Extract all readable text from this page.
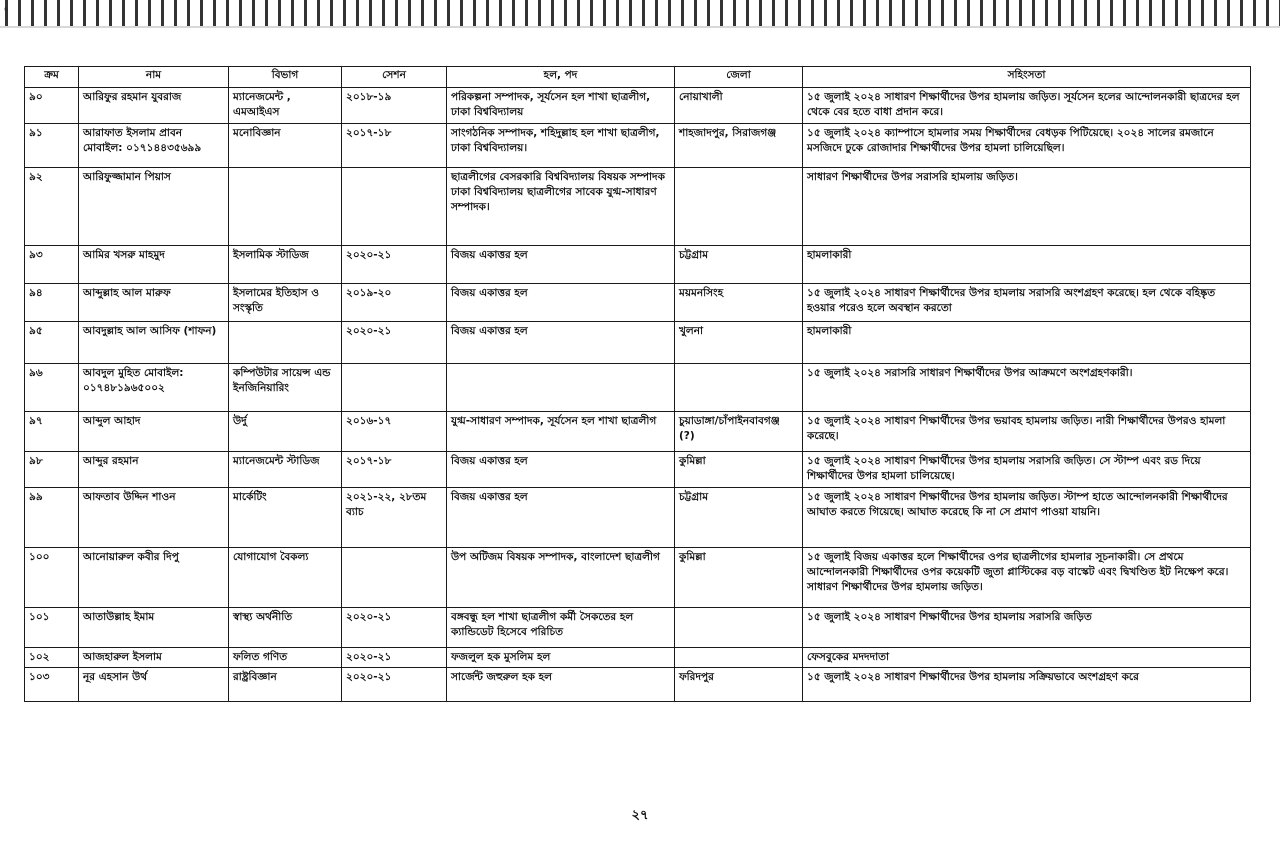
ক্রম	নাম	বিভাগ	সেশন	হল, পদ	জেলা	সহিংসতা
৯০	আরিফুর রহমান যুবরাজ	ম্যানেজমেন্ট , এমআইএস	২০১৮-১৯	পরিকল্পনা সম্পাদক, সূর্যসেন হল শাখা ছাত্রলীগ, ঢাকা বিশ্ববিদ্যালয়	নোয়াখালী	১৫ জুলাই ২০২৪ সাধারণ শিক্ষার্থীদের উপর হামলায় জড়িত। সূর্যসেন হলের আন্দোলনকারী ছাত্রদের হল থেকে বের হতে বাধা প্রদান করে।
৯১	আরাফাত ইসলাম প্রাবন মোবাইল: ০১৭১৪৪৩৫৬৯৯	মনোবিজ্ঞান	২০১৭-১৮	সাংগঠনিক সম্পাদক, শহিদুল্লাহ হল শাখা ছাত্রলীগ, ঢাকা বিশ্ববিদ্যালয়।	শাহজাদপুর, সিরাজগঞ্জ	১৫ জুলাই ২০২৪ ক্যাম্পাসে হামলার সময় শিক্ষার্থীদের বেধড়ক পিটিয়েছে। ২০২৪ সালের রমজানে মসজিদে ঢুকে রোজাদার শিক্ষার্থীদের উপর হামলা চালিয়েছিল।
৯২	আরিফুজ্জামান পিয়াস			ছাত্রলীগের বেসরকারি বিশ্ববিদ্যালয় বিষয়ক সম্পাদক ঢাকা বিশ্ববিদ্যালয় ছাত্রলীগের সাবেক যুগ্ম-সাধারণ সম্পাদক।		সাধারণ শিক্ষার্থীদের উপর সরাসরি হামলায় জড়িত।
৯৩	আমির খসরু মাহমুদ	ইসলামিক স্টাডিজ	২০২০-২১	বিজয় একাত্তর হল	চট্টগ্রাম	হামলাকারী
৯৪	আব্দুল্লাহ আল মারুফ	ইসলামের ইতিহাস ও সংস্কৃতি	২০১৯-২০	বিজয় একাত্তর হল	ময়মনসিংহ	১৫ জুলাই ২০২৪ সাধারণ শিক্ষার্থীদের উপর হামলায় সরাসরি অংশগ্রহণ করেছে। হল থেকে বহিষ্কৃত হওয়ার পরেও হলে অবস্থান করতো
৯৫	আবদুল্লাহ আল আসিফ (শাফন)		২০২০-২১	বিজয় একাত্তর হল	খুলনা	হামলাকারী
৯৬	আবদুল মুহিত মোবাইল: ০১৭৪৮১৯৬৫০০২	কম্পিউটার সায়েন্স এন্ড ইনজিনিয়ারিং				১৫ জুলাই ২০২৪ সরাসরি সাধারণ শিক্ষার্থীদের উপর আক্রমণে অংশগ্রহণকারী।
৯৭	আব্দুল আহাদ	উর্দু	২০১৬-১৭	যুগ্ম-সাধারণ সম্পাদক, সূর্যসেন হল শাখা ছাত্রলীগ	চুয়াডাঙ্গা/চাঁপাইনবাবগঞ্জ (?)	১৫ জুলাই ২০২৪ সাধারণ শিক্ষার্থীদের উপর ভয়াবহ হামলায় জড়িত। নারী শিক্ষার্থীদের উপরও হামলা করেছে।
৯৮	আব্দুর রহমান	ম্যানেজমেন্ট স্টাডিজ	২০১৭-১৮	বিজয় একাত্তর হল	কুমিল্লা	১৫ জুলাই ২০২৪ সাধারণ শিক্ষার্থীদের উপর হামলায় সরাসরি জড়িত। সে স্টাম্প এবং রড দিয়ে শিক্ষার্থীদের উপর হামলা চালিয়েছে।
৯৯	আফতাব উদ্দিন শাওন	মার্কেটিং	২০২১-২২, ২৮তম ব্যাচ	বিজয় একাত্তর হল	চট্টগ্রাম	১৫ জুলাই ২০২৪ সাধারণ শিক্ষার্থীদের উপর হামলায় জড়িত। স্টাম্প হাতে আন্দোলনকারী শিক্ষার্থীদের আঘাত করতে গিয়েছে। আঘাত করেছে কি না সে প্রমাণ পাওয়া যায়নি।
১০০	আনোয়ারুল কবীর দিপু	যোগাযোগ বৈকল্য		উপ অটিজম বিষয়ক সম্পাদক, বাংলাদেশ ছাত্রলীগ	কুমিল্লা	১৫ জুলাই বিজয় একাত্তর হলে শিক্ষার্থীদের ওপর ছাত্রলীগের হামলার সূচনাকারী। সে প্রথমে আন্দোলনকারী শিক্ষার্থীদের ওপর কয়েকটি জুতা প্লাস্টিকের বড় বাস্কেট এবং দ্বিখণ্ডিত ইট নিক্ষেপ করে। সাধারণ শিক্ষার্থীদের উপর হামলায় জড়িত।
১০১	আতাউল্লাহ ইমাম	স্বাস্থ্য অর্থনীতি	২০২০-২১	বঙ্গবন্ধু হল শাখা ছাত্রলীগ কর্মী সৈকতের হল ক্যান্ডিডেট হিসেবে পরিচিত		১৫ জুলাই ২০২৪ সাধারণ শিক্ষার্থীদের উপর হামলায় সরাসরি জড়িত
১০২	আজহারুল ইসলাম	ফলিত গণিত	২০২০-২১	ফজলুল হক মুসলিম হল		ফেসবুকের মদদদাতা
১০৩	নূর এহসান উর্থ	রাষ্ট্রবিজ্ঞান	২০২০-২১	সার্জেন্ট জহুরুল হক হল	ফরিদপুর	১৫ জুলাই ২০২৪ সাধারণ শিক্ষার্থীদের উপর হামলায় সক্রিয়ভাবে অংশগ্রহণ করে
২৭
